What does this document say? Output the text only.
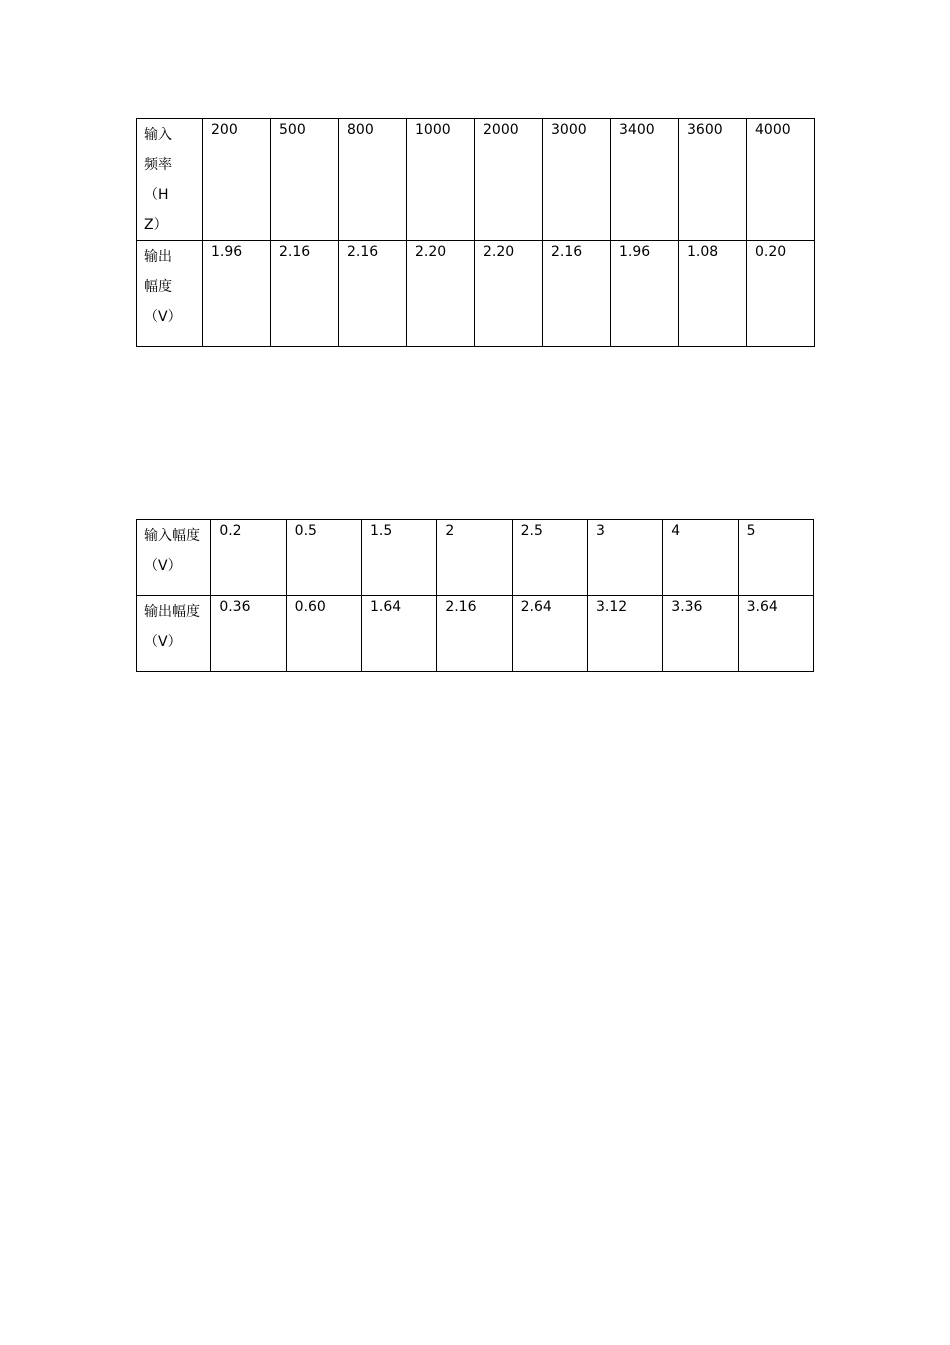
输入频率（HZ）	200	500	800	1000	2000	3000	3400	3600	4000

输出幅度（V）	1.96	2.16	2.16	2.20	2.20	2.16	1.96	1.08	0.20
输入幅度（V）	0.2	0.5	1.5	2	2.5	3	4	5

输出幅度（V）	0.36	0.60	1.64	2.16	2.64	3.12	3.36	3.64
